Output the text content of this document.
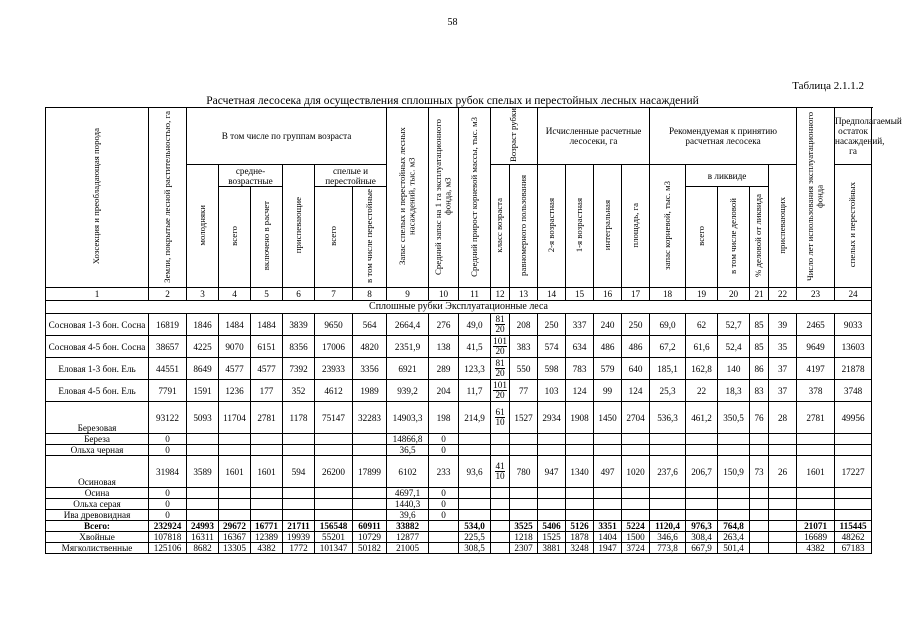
58
Таблица 2.1.1.2
Расчетная лесосека для осуществления сплошных рубок спелых и перестойных лесных насаждений
Хозсекция и преобладающая порода	Земли, покрытые лесной растительностью, га	В том числе по группам возраста						Запас спелых и перестойных лесных насаждений, тыс. м3	Средний запас на 1 га эксплуатационного фонда, м3	Средний прирост корневой массы, тыс. м3	Возраст рубки		Исчисленные расчетные лесосеки, га				Рекомендуемая к принятию расчетная лесосека					Число лет использования эксплуатационного фонда	Предполагаемый остаток насаждений, га
		молодняки	средне-возрастные		приспевающие	спелые и перестойные					класс возраста	равномерного пользования	2-я возрастная	1-я возрастная	интегральная	площадь, га	запас корневой, тыс. м3	в ликвиде			приспевающих		спелых и перестойных
			всего	включено в расчет		всего	в том числе перестойные											всего	в том числе деловой	% деловой от ликвида			

1	2	3	4	5	6	7	8	9	10	11	12	13	14	15	16	17	18	19	20	21	22	23	24
Сплошные рубки Эксплуатационные леса																							
Сосновая 1-3 бон. Сосна	16819	1846	1484	1484	3839	9650	564	2664,4	276	49,0	$\frac{81}{20}$	208	250	337	240	250	69,0	62	52,7	85	39	2465	9033
Сосновая 4-5 бон. Сосна	38657	4225	9070	6151	8356	17006	4820	2351,9	138	41,5	$\frac{101}{20}$	383	574	634	486	486	67,2	61,6	52,4	85	35	9649	13603
Еловая 1-3 бон. Ель	44551	8649	4577	4577	7392	23933	3356	6921	289	123,3	$\frac{81}{20}$	550	598	783	579	640	185,1	162,8	140	86	37	4197	21878
Еловая 4-5 бон. Ель	7791	1591	1236	177	352	4612	1989	939,2	204	11,7	$\frac{101}{20}$	77	103	124	99	124	25,3	22	18,3	83	37	378	3748
Березовая	93122	5093	11704	2781	1178	75147	32283	14903,3	198	214,9	$\frac{61}{10}$	1527	2934	1908	1450	2704	536,3	461,2	350,5	76	28	2781	49956
Береза	0							14866,8	0														
Ольха черная	0							36,5	0														
Осиновая	31984	3589	1601	1601	594	26200	17899	6102	233	93,6	$\frac{41}{10}$	780	947	1340	497	1020	237,6	206,7	150,9	73	26	1601	17227
Осина	0							4697,1	0														
Ольха серая	0							1440,3	0														
Ива древовидная	0							39,6	0														
Всего:	232924	24993	29672	16771	21711	156548	60911	33882		534,0		3525	5406	5126	3351	5224	1120,4	976,3	764,8			21071	115445
Хвойные	107818	16311	16367	12389	19939	55201	10729	12877		225,5		1218	1525	1878	1404	1500	346,6	308,4	263,4			16689	48262
Мягколиственные	125106	8682	13305	4382	1772	101347	50182	21005		308,5		2307	3881	3248	1947	3724	773,8	667,9	501,4			4382	67183
